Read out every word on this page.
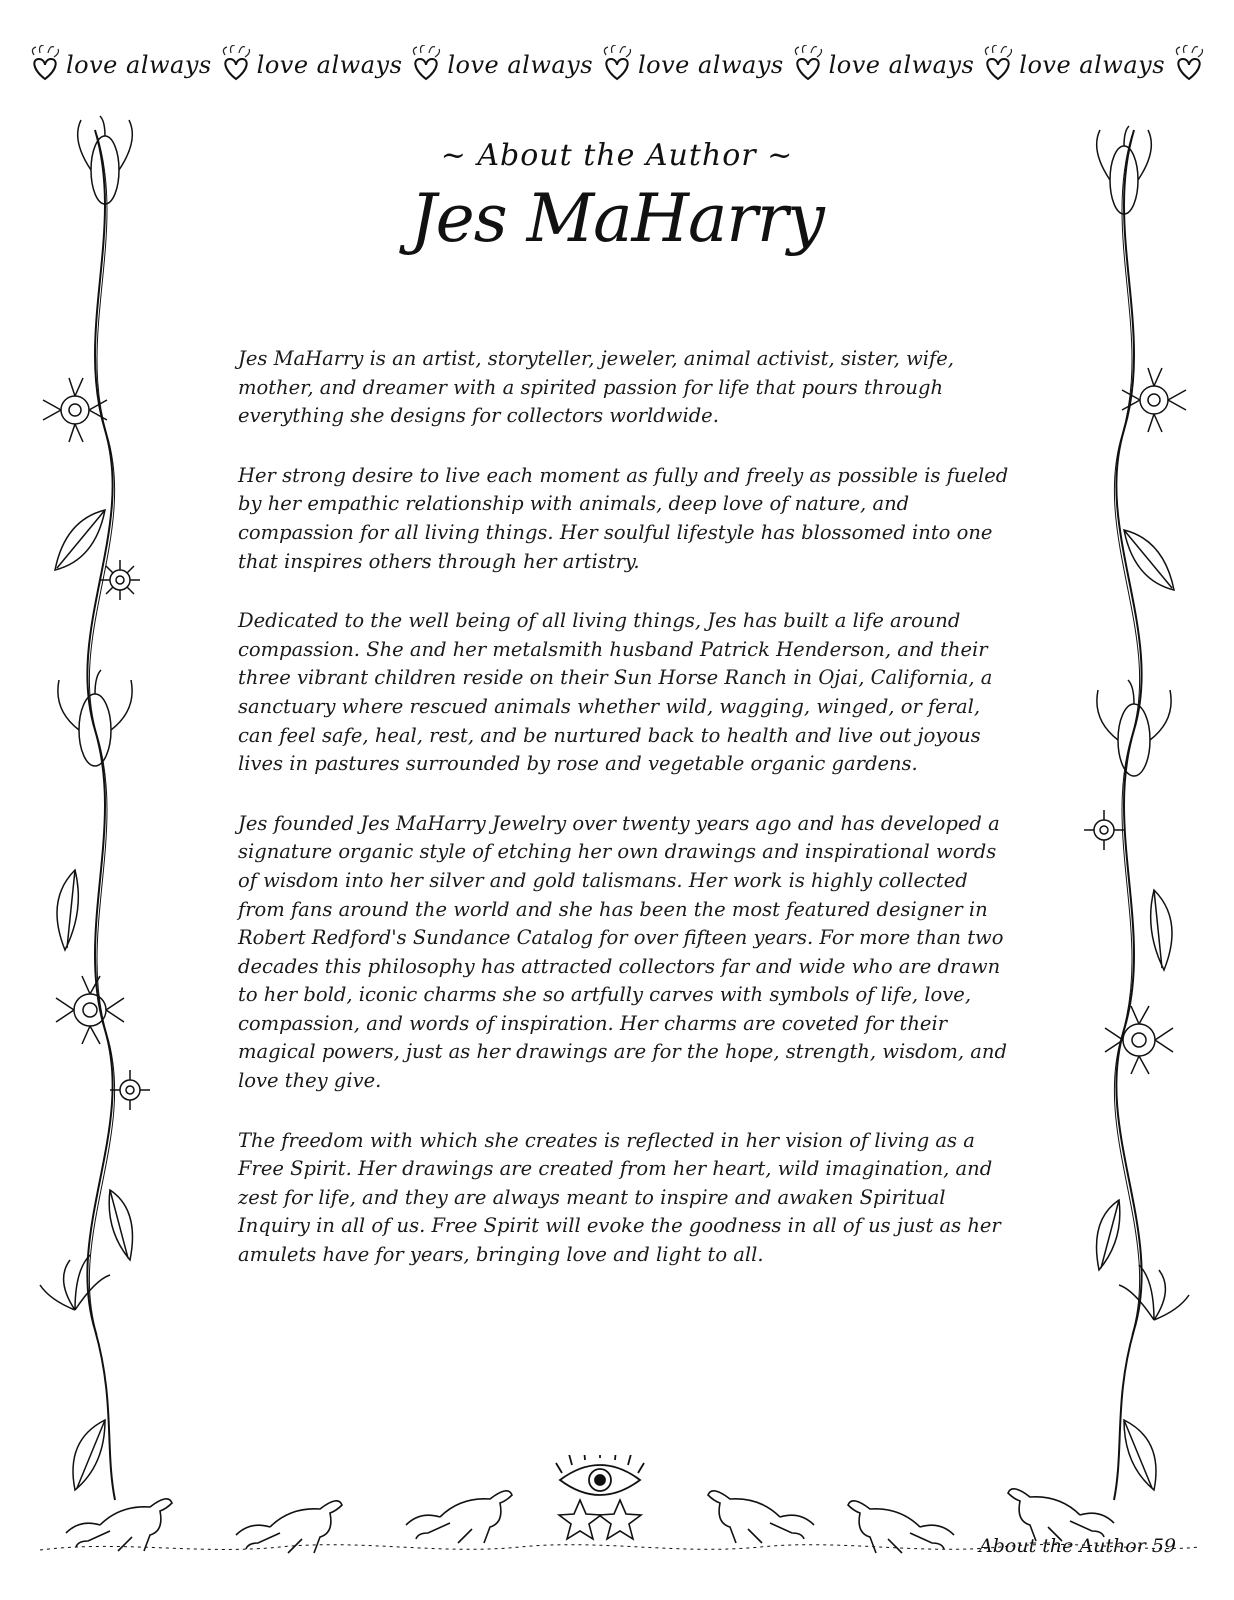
love always love always love always love always love always love always
~ About the Author ~
Jes MaHarry

Jes MaHarry is an artist, storyteller, jeweler, animal activist, sister, wife, mother, and dreamer with a spirited passion for life that pours through everything she designs for collectors worldwide.

Her strong desire to live each moment as fully and freely as possible is fueled by her empathic relationship with animals, deep love of nature, and compassion for all living things. Her soulful lifestyle has blossomed into one that inspires others through her artistry.

Dedicated to the well being of all living things, Jes has built a life around compassion. She and her metalsmith husband Patrick Henderson, and their three vibrant children reside on their Sun Horse Ranch in Ojai, California, a sanctuary where rescued animals whether wild, wagging, winged, or feral, can feel safe, heal, rest, and be nurtured back to health and live out joyous lives in pastures surrounded by rose and vegetable organic gardens.

Jes founded Jes MaHarry Jewelry over twenty years ago and has developed a signature organic style of etching her own drawings and inspirational words of wisdom into her silver and gold talismans. Her work is highly collected from fans around the world and she has been the most featured designer in Robert Redford's Sundance Catalog for over fifteen years. For more than two decades this philosophy has attracted collectors far and wide who are drawn to her bold, iconic charms she so artfully carves with symbols of life, love, compassion, and words of inspiration. Her charms are coveted for their magical powers, just as her drawings are for the hope, strength, wisdom, and love they give.

The freedom with which she creates is reflected in her vision of living as a Free Spirit. Her drawings are created from her heart, wild imagination, and zest for life, and they are always meant to inspire and awaken Spiritual Inquiry in all of us. Free Spirit will evoke the goodness in all of us just as her amulets have for years, bringing love and light to all.

About the Author 59
